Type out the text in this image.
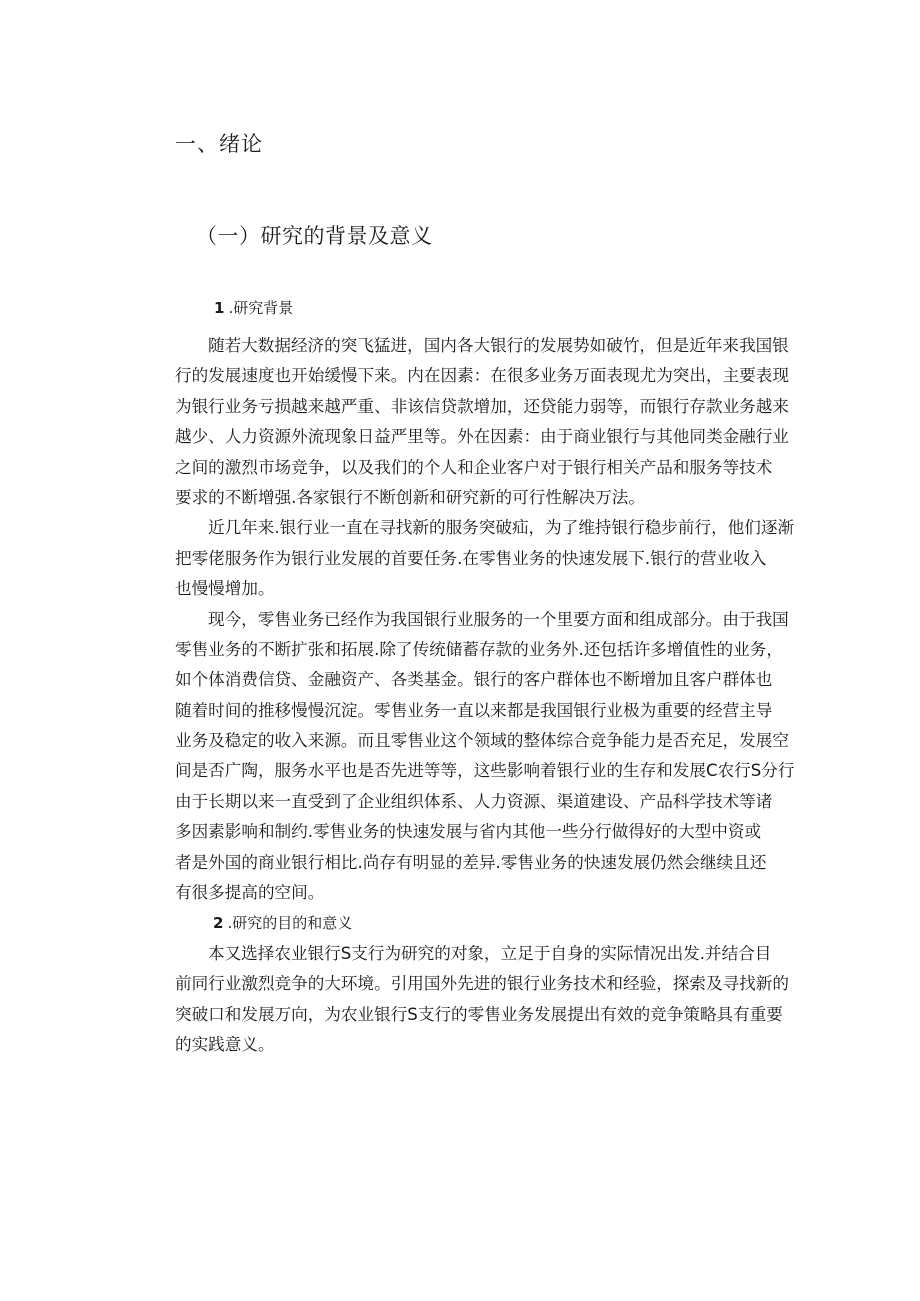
一、绪论
（一）研究的背景及意义
1 .研究背景
随若大数据经济的突飞猛进，国内各大银行的发展势如破竹，但是近年来我国银
行的发展速度也开始缓慢下来。内在因素：在很多业务万面表现尤为突出，主要表现
为银行业务亏损越来越严重、非该信贷款增加，还贷能力弱等，而银行存款业务越来
越少、人力资源外流现象日益严里等。外在因素：由于商业银行与其他同类金融行业
之间的激烈市场竞争，以及我们的个人和企业客户对于银行相关产品和服务等技术
要求的不断增强.各家银行不断创新和研究新的可行性解决万法。
近几年来.银行业一直在寻找新的服务突破疝，为了维持银行稳步前行，他们逐渐
把零佬服务作为银行业发展的首要任务.在零售业务的快速发展下.银行的营业收入
也慢慢增加。
现今，零售业务已经作为我国银行业服务的一个里要方面和组成部分。由于我国
零售业务的不断扩张和拓展.除了传统储蓄存款的业务外.还包括许多增值性的业务，
如个体消费信贷、金融资产、各类基金。银行的客户群体也不断增加且客户群体也
随着时间的推移慢慢沉淀。零售业务一直以来都是我国银行业极为重要的经营主导
业务及稳定的收入来源。而且零售业这个领域的整体综合竞争能力是否充足，发展空
间是否广陶，服务水平也是否先进等等，这些影响着银行业的生存和发展C农行S分行
由于长期以来一直受到了企业组织体系、人力资源、渠道建设、产品科学技术等诸
多因素影响和制约.零售业务的快速发展与省内其他一些分行做得好的大型中资或
者是外国的商业银行相比.尚存有明显的差异.零售业务的快速发展仍然会继续且还
有很多提高的空间。
2 .研究的目的和意义
本又选择农业银行S支行为研究的对象，立足于自身的实际情况出发.并结合目
前同行业激烈竞争的大环境。引用国外先进的银行业务技术和经验，探索及寻找新的
突破口和发展万向，为农业银行S支行的零售业务发展提出有效的竞争策略具有重要
的实践意义。
